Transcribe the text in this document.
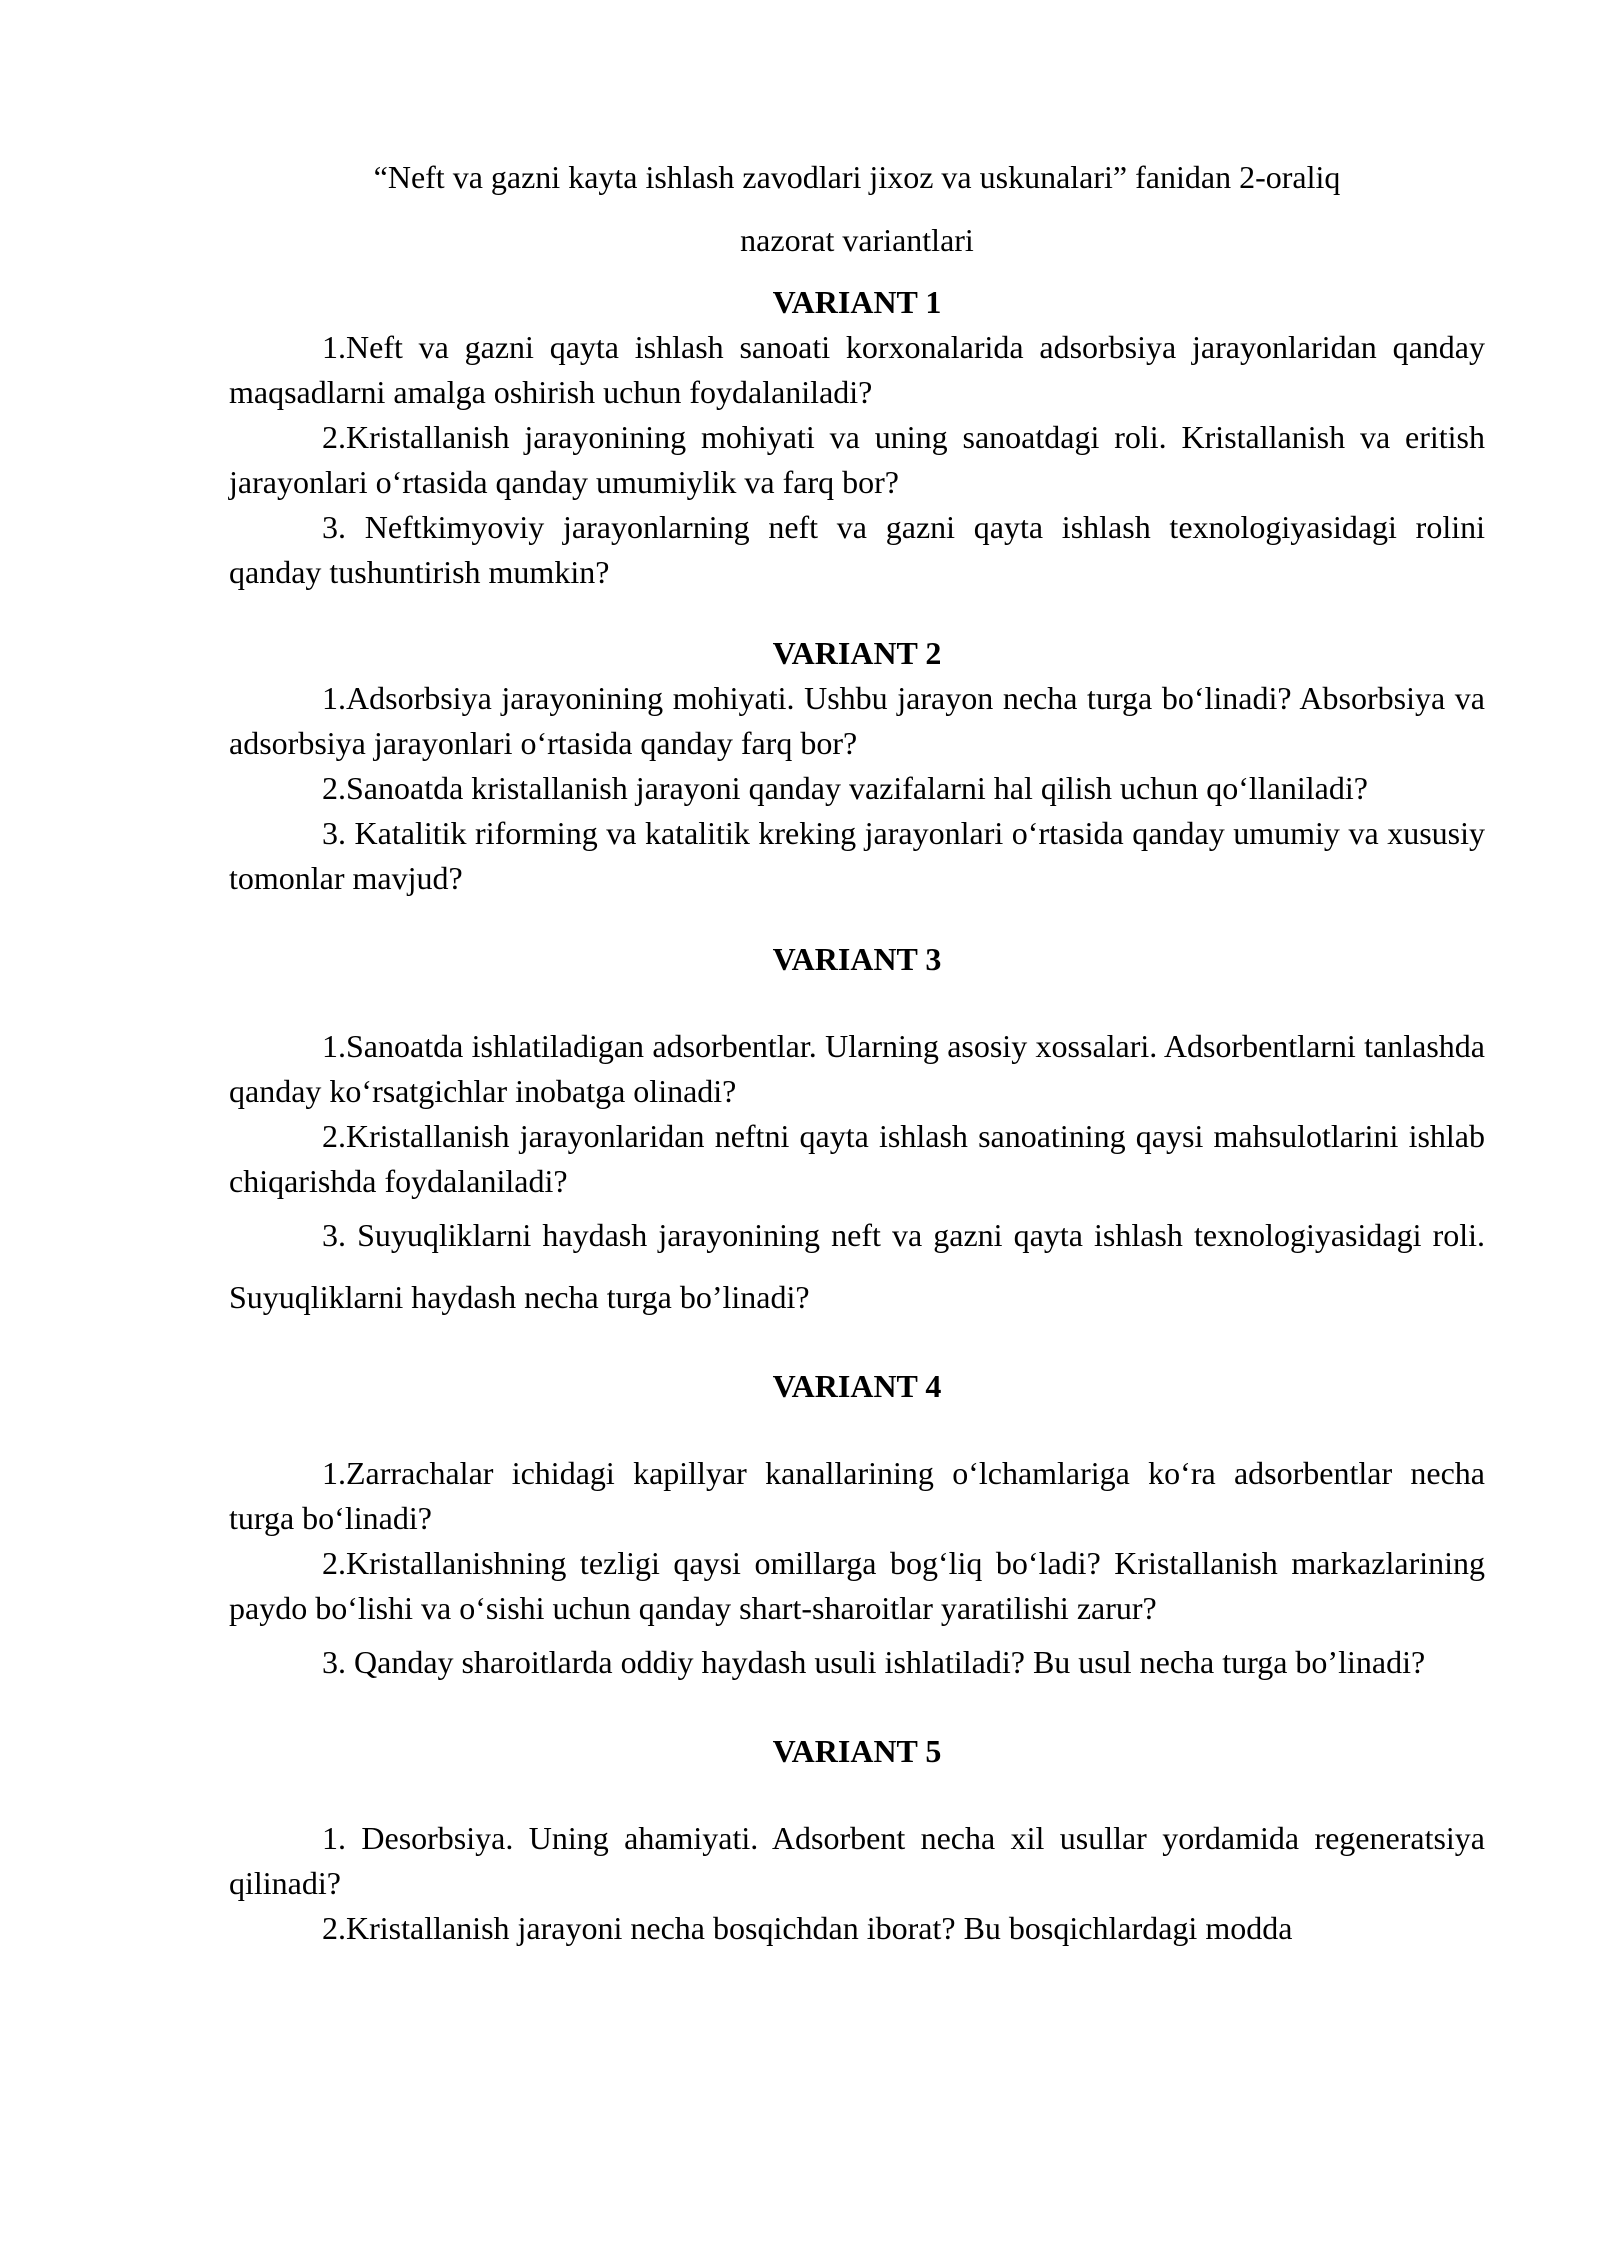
“Neft va gazni kayta ishlash zavodlari jixoz va uskunalari” fanidan 2-oraliq

nazorat variantlari

VARIANT 1

1.Neft va gazni qayta ishlash sanoati korxonalarida adsorbsiya jarayonlaridan qanday maqsadlarni amalga oshirish uchun foydalaniladi?

2.Kristallanish jarayonining mohiyati va uning sanoatdagi roli. Kristallanish va eritish jarayonlari oʻrtasida qanday umumiylik va farq bor?

3. Neftkimyoviy jarayonlarning neft va gazni qayta ishlash texnologiyasidagi rolini qanday tushuntirish mumkin?

VARIANT 2

1.Adsorbsiya jarayonining mohiyati. Ushbu jarayon necha turga boʻlinadi? Absorbsiya va adsorbsiya jarayonlari oʻrtasida qanday farq bor?

2.Sanoatda kristallanish jarayoni qanday vazifalarni hal qilish uchun qoʻllaniladi?

3. Katalitik riforming va katalitik kreking jarayonlari oʻrtasida qanday umumiy va xususiy tomonlar mavjud?

VARIANT 3

1.Sanoatda ishlatiladigan adsorbentlar. Ularning asosiy xossalari. Adsorbentlarni tanlashda qanday koʻrsatgichlar inobatga olinadi?

2.Kristallanish jarayonlaridan neftni qayta ishlash sanoatining qaysi mahsulotlarini ishlab chiqarishda foydalaniladi?

3. Suyuqliklarni haydash jarayonining neft va gazni qayta ishlash texnologiyasidagi roli. Suyuqliklarni haydash necha turga bo’linadi?

VARIANT 4

1.Zarrachalar ichidagi kapillyar kanallarining oʻlchamlariga koʻra adsorbentlar necha turga boʻlinadi?

2.Kristallanishning tezligi qaysi omillarga bogʻliq boʻladi? Kristallanish markazlarining paydo boʻlishi va oʻsishi uchun qanday shart-sharoitlar yaratilishi zarur?

3. Qanday sharoitlarda oddiy haydash usuli ishlatiladi? Bu usul necha turga bo’linadi?

VARIANT 5

1. Desorbsiya. Uning ahamiyati. Adsorbent necha xil usullar yordamida regeneratsiya qilinadi?

2.Kristallanish jarayoni necha bosqichdan iborat? Bu bosqichlardagi modda
